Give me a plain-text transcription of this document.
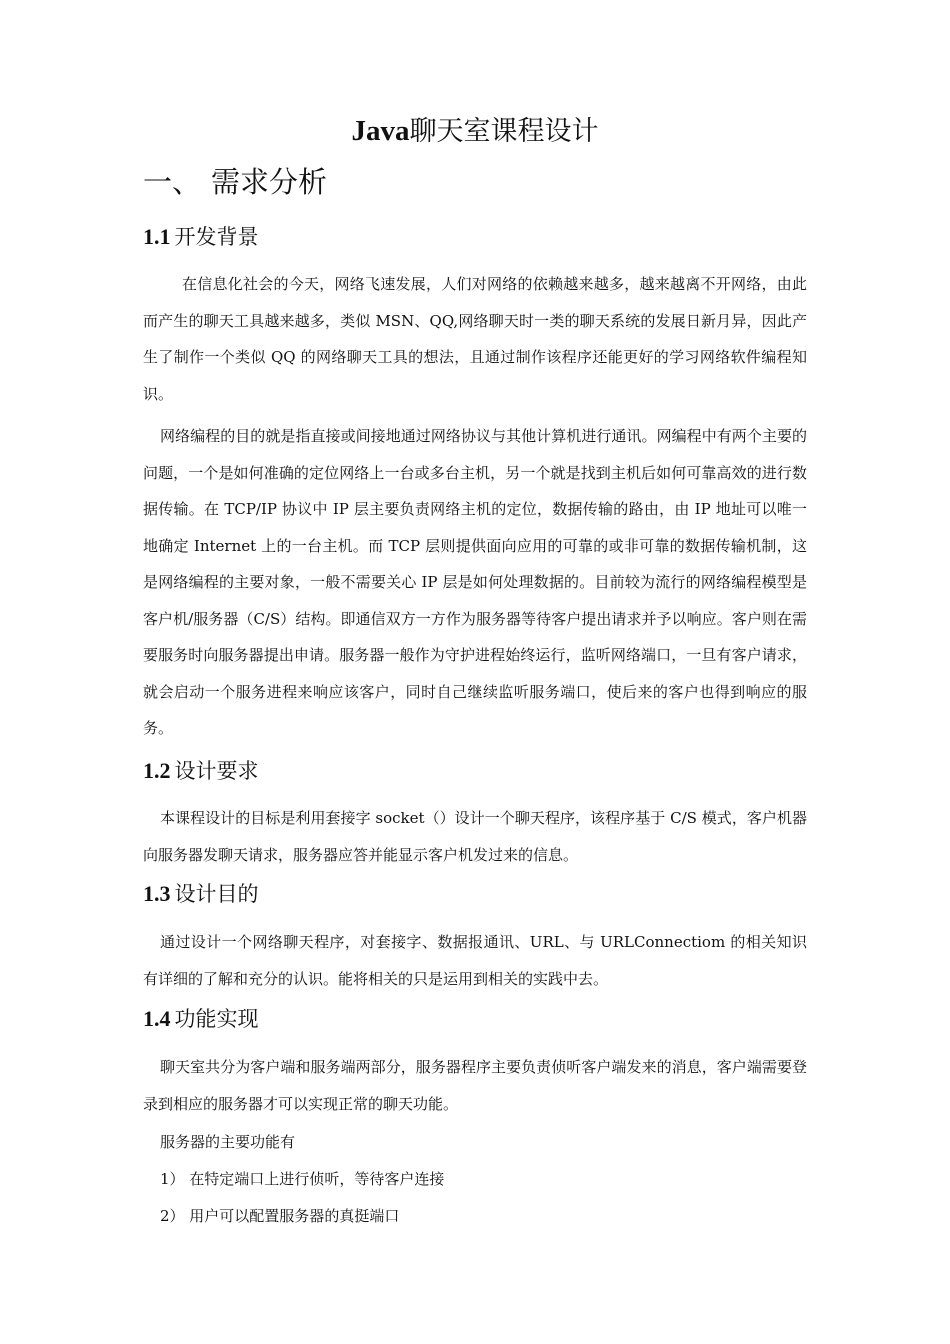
Java聊天室课程设计
一、 需求分析
1.1 开发背景

在信息化社会的今天，网络飞速发展，人们对网络的依赖越来越多，越来越离不开网络，由此而产生的聊天工具越来越多，类似 MSN、QQ,网络聊天时一类的聊天系统的发展日新月异，因此产生了制作一个类似 QQ 的网络聊天工具的想法，且通过制作该程序还能更好的学习网络软件编程知识。

网络编程的目的就是指直接或间接地通过网络协议与其他计算机进行通讯。网编程中有两个主要的问题，一个是如何准确的定位网络上一台或多台主机，另一个就是找到主机后如何可靠高效的进行数据传输。在 TCP/IP 协议中 IP 层主要负责网络主机的定位，数据传输的路由，由 IP 地址可以唯一地确定 Internet 上的一台主机。而 TCP 层则提供面向应用的可靠的或非可靠的数据传输机制，这是网络编程的主要对象，一般不需要关心 IP 层是如何处理数据的。目前较为流行的网络编程模型是客户机/服务器（C/S）结构。即通信双方一方作为服务器等待客户提出请求并予以响应。客户则在需要服务时向服务器提出申请。服务器一般作为守护进程始终运行，监听网络端口，一旦有客户请求，就会启动一个服务进程来响应该客户，同时自己继续监听服务端口，使后来的客户也得到响应的服务。

1.2 设计要求

本课程设计的目标是利用套接字 socket（）设计一个聊天程序，该程序基于 C/S 模式，客户机器向服务器发聊天请求，服务器应答并能显示客户机发过来的信息。

1.3 设计目的

通过设计一个网络聊天程序，对套接字、数据报通讯、URL、与 URLConnectiom 的相关知识有详细的了解和充分的认识。能将相关的只是运用到相关的实践中去。

1.4 功能实现

聊天室共分为客户端和服务端两部分，服务器程序主要负责侦听客户端发来的消息，客户端需要登录到相应的服务器才可以实现正常的聊天功能。

服务器的主要功能有

1） 在特定端口上进行侦听，等待客户连接

2） 用户可以配置服务器的真挺端口
